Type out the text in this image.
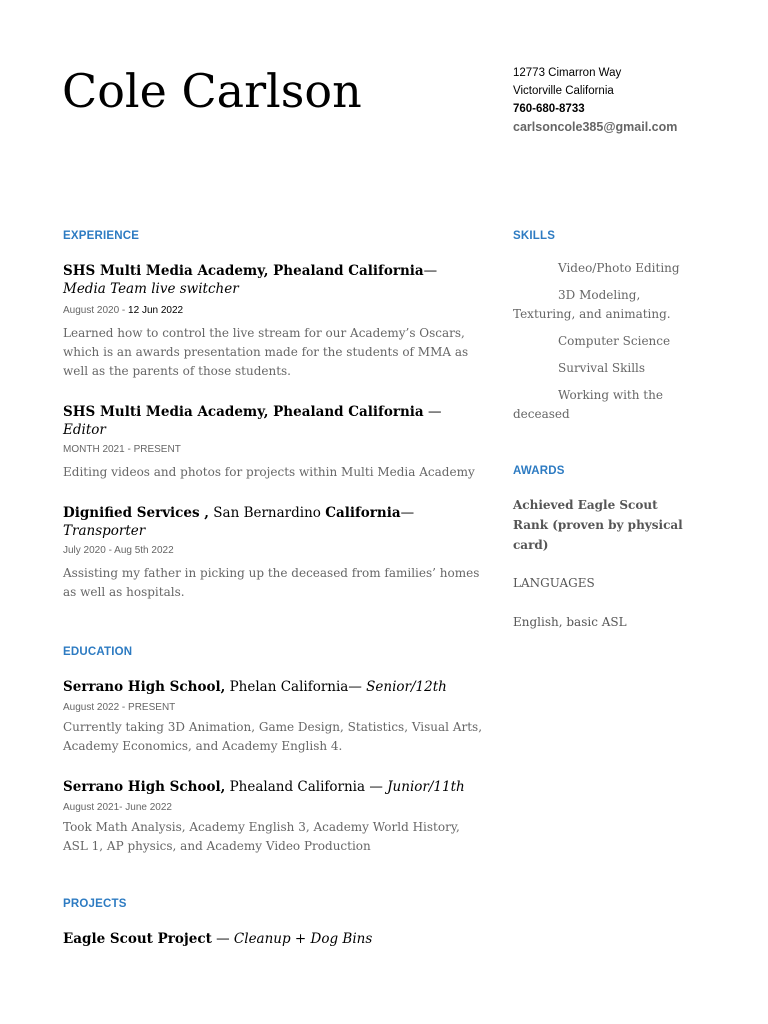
Cole Carlson	12773 Cimarron Way
Victorville California
760-680-8733
carlsoncole385@gmail.com

EXPERIENCE

SHS Multi Media Academy, Phealand California— Media Team live switcher

August 2020 - 12 Jun 2022

Learned how to control the live stream for our Academy’s Oscars, which is an awards presentation made for the students of MMA as well as the parents of those students.

SHS Multi Media Academy, Phealand California — Editor

MONTH 2021 - PRESENT

Editing videos and photos for projects within Multi Media Academy

Dignified Services , San Bernardino California— Transporter

July 2020 - Aug 5th 2022

Assisting my father in picking up the deceased from families’ homes as well as hospitals.

EDUCATION

Serrano High School, Phelan California— Senior/12th

August 2022 - PRESENT

Currently taking 3D Animation, Game Design, Statistics, Visual Arts, Academy Economics, and Academy English 4.

Serrano High School, Phealand California — Junior/11th

August 2021- June 2022

Took Math Analysis, Academy English 3, Academy World History, ASL 1, AP physics, and Academy Video Production

PROJECTS

Eagle Scout Project — Cleanup + Dog Bins

SKILLS

Video/Photo Editing

3D Modeling, Texturing, and animating.

Computer Science

Survival Skills

Working with the deceased

AWARDS

Achieved Eagle Scout Rank (proven by physical card)

LANGUAGES

English, basic ASL
